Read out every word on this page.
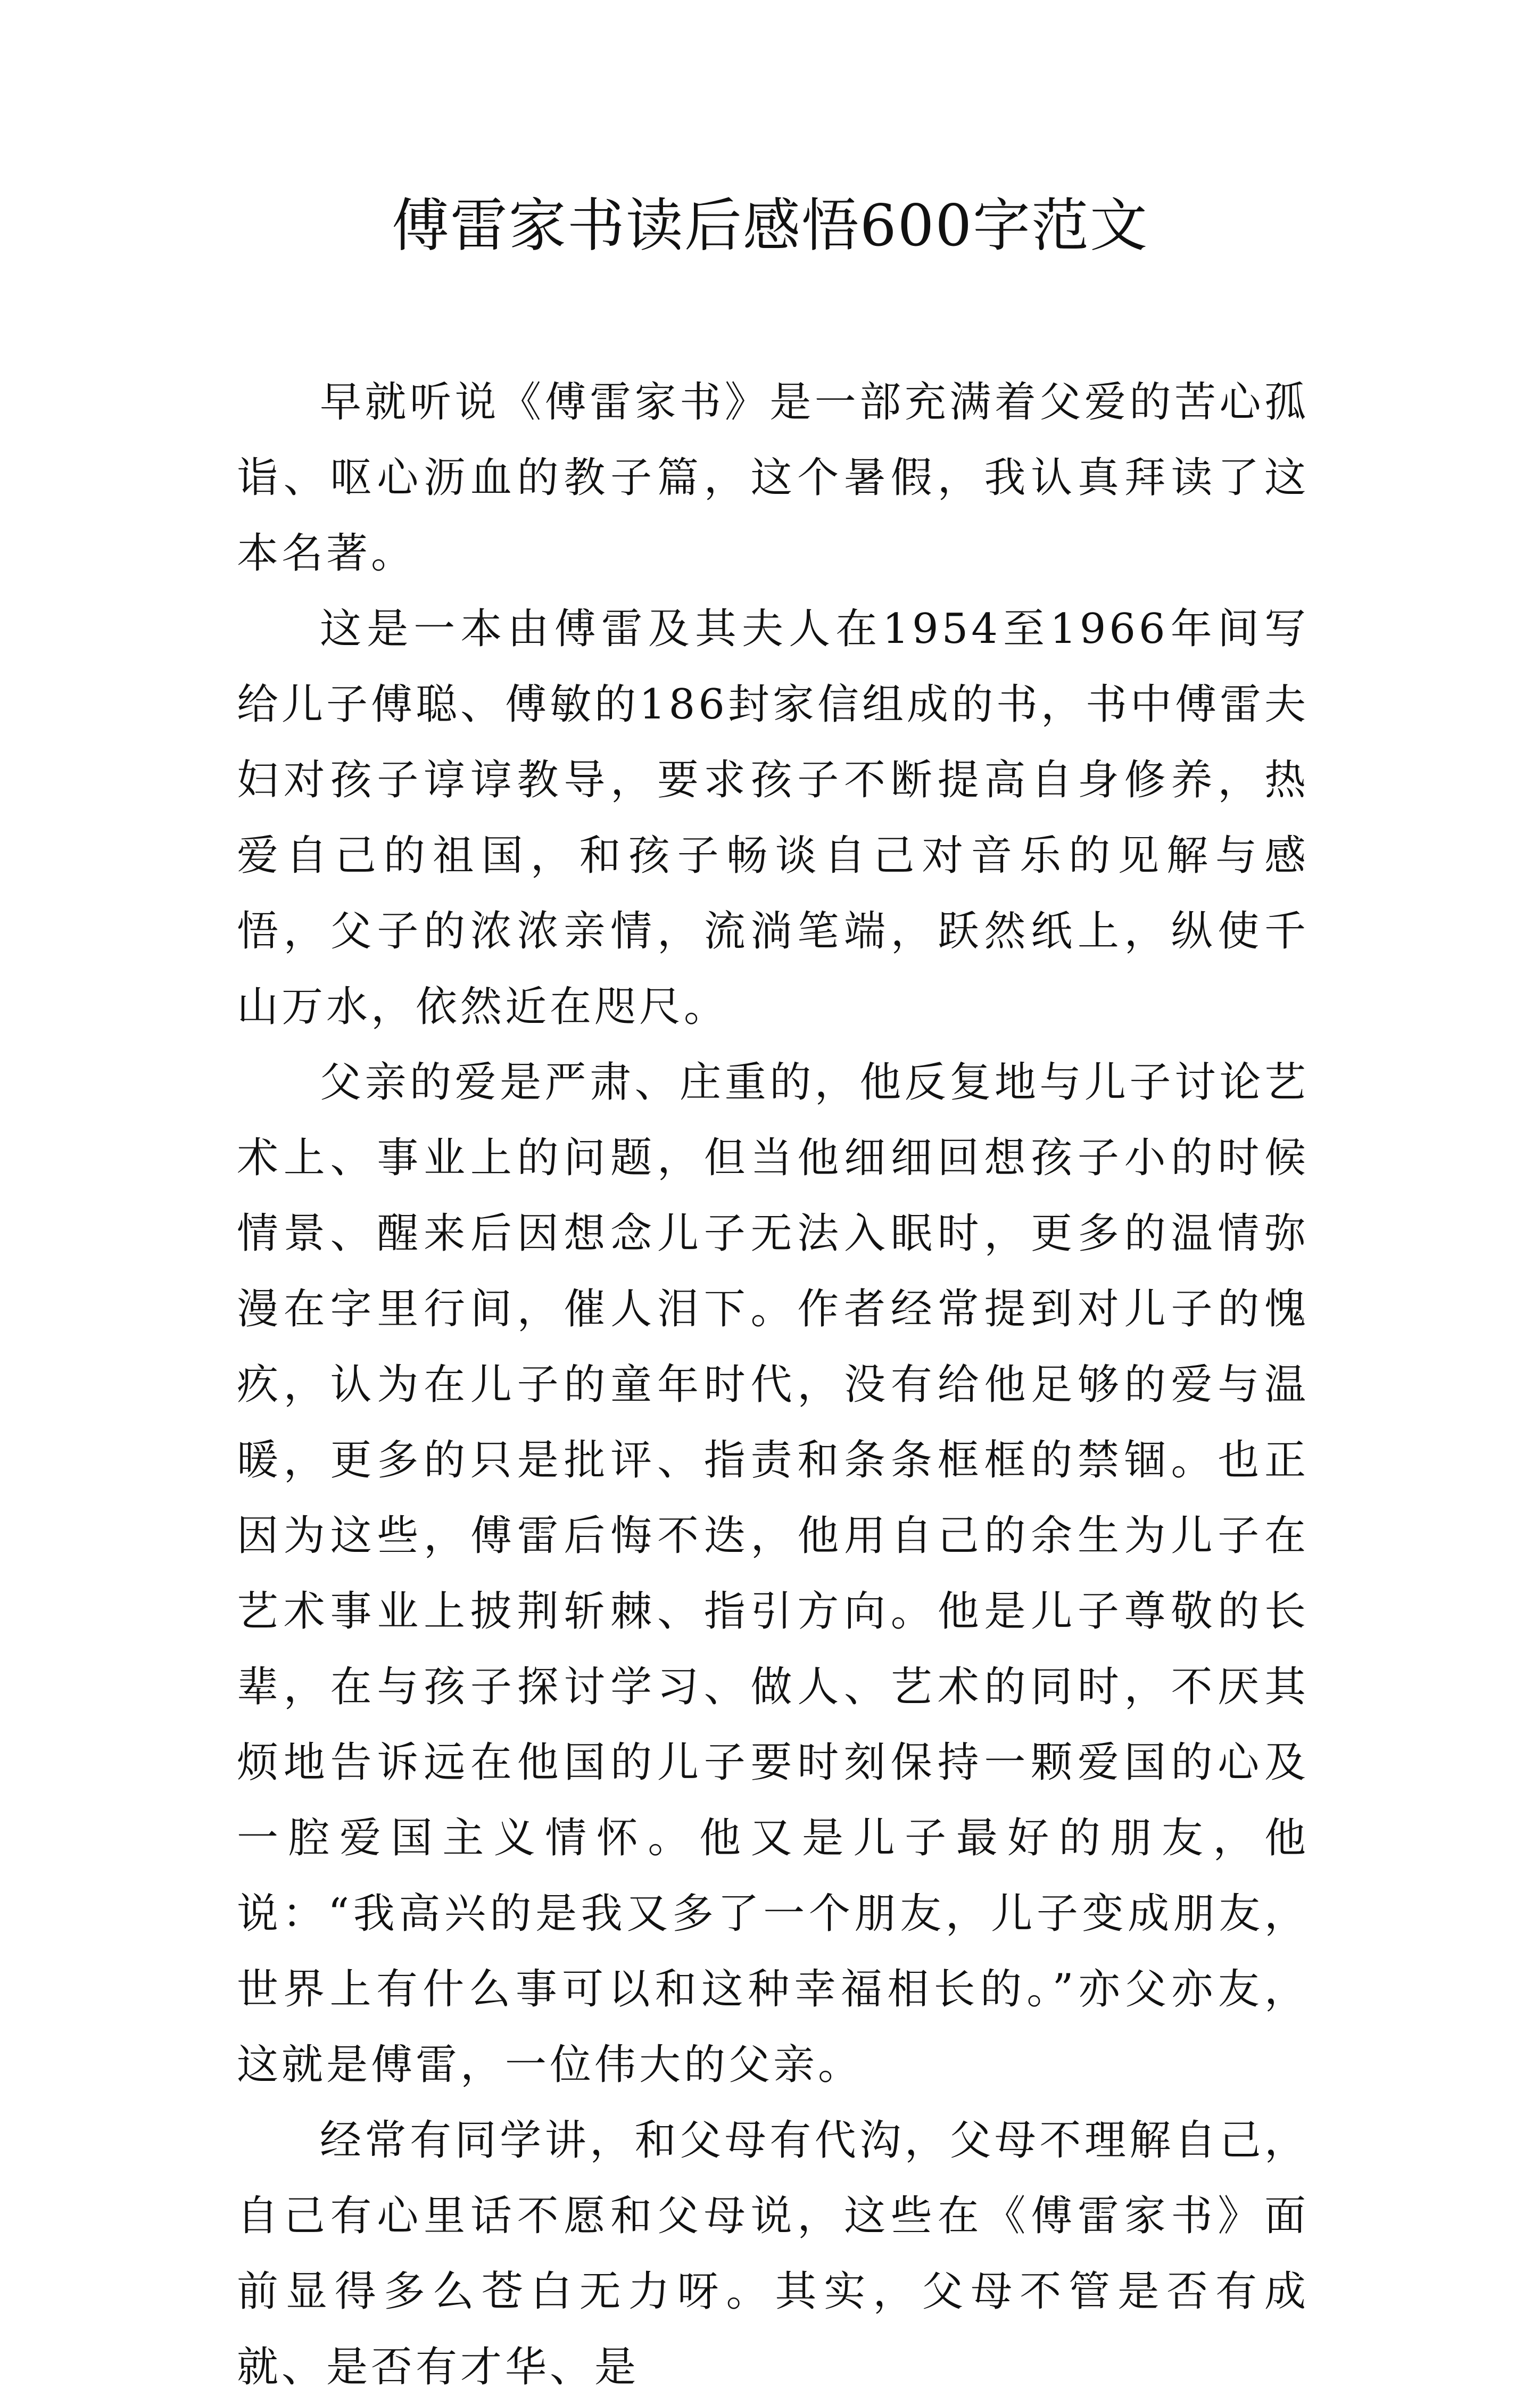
傅雷家书读后感悟600字范文

早就听说《傅雷家书》是一部充满着父爱的苦心孤诣、呕心沥血的教子篇，这个暑假，我认真拜读了这本名著。

这是一本由傅雷及其夫人在1954至1966年间写给儿子傅聪、傅敏的186封家信组成的书，书中傅雷夫妇对孩子谆谆教导，要求孩子不断提高自身修养，热爱自己的祖国，和孩子畅谈自己对音乐的见解与感悟，父子的浓浓亲情，流淌笔端，跃然纸上，纵使千山万水，依然近在咫尺。

父亲的爱是严肃、庄重的，他反复地与儿子讨论艺术上、事业上的问题，但当他细细回想孩子小的时候情景、醒来后因想念儿子无法入眠时，更多的温情弥漫在字里行间，催人泪下。作者经常提到对儿子的愧疚，认为在儿子的童年时代，没有给他足够的爱与温暖，更多的只是批评、指责和条条框框的禁锢。也正因为这些，傅雷后悔不迭，他用自己的余生为儿子在艺术事业上披荆斩棘、指引方向。他是儿子尊敬的长辈，在与孩子探讨学习、做人、艺术的同时，不厌其烦地告诉远在他国的儿子要时刻保持一颗爱国的心及一腔爱国主义情怀。他又是儿子最好的朋友，他说：“我高兴的是我又多了一个朋友，儿子变成朋友，世界上有什么事可以和这种幸福相长的。”亦父亦友，这就是傅雷，一位伟大的父亲。

经常有同学讲，和父母有代沟，父母不理解自己，自己有心里话不愿和父母说，这些在《傅雷家书》面前显得多么苍白无力呀。其实，父母不管是否有成就、是否有才华、是
